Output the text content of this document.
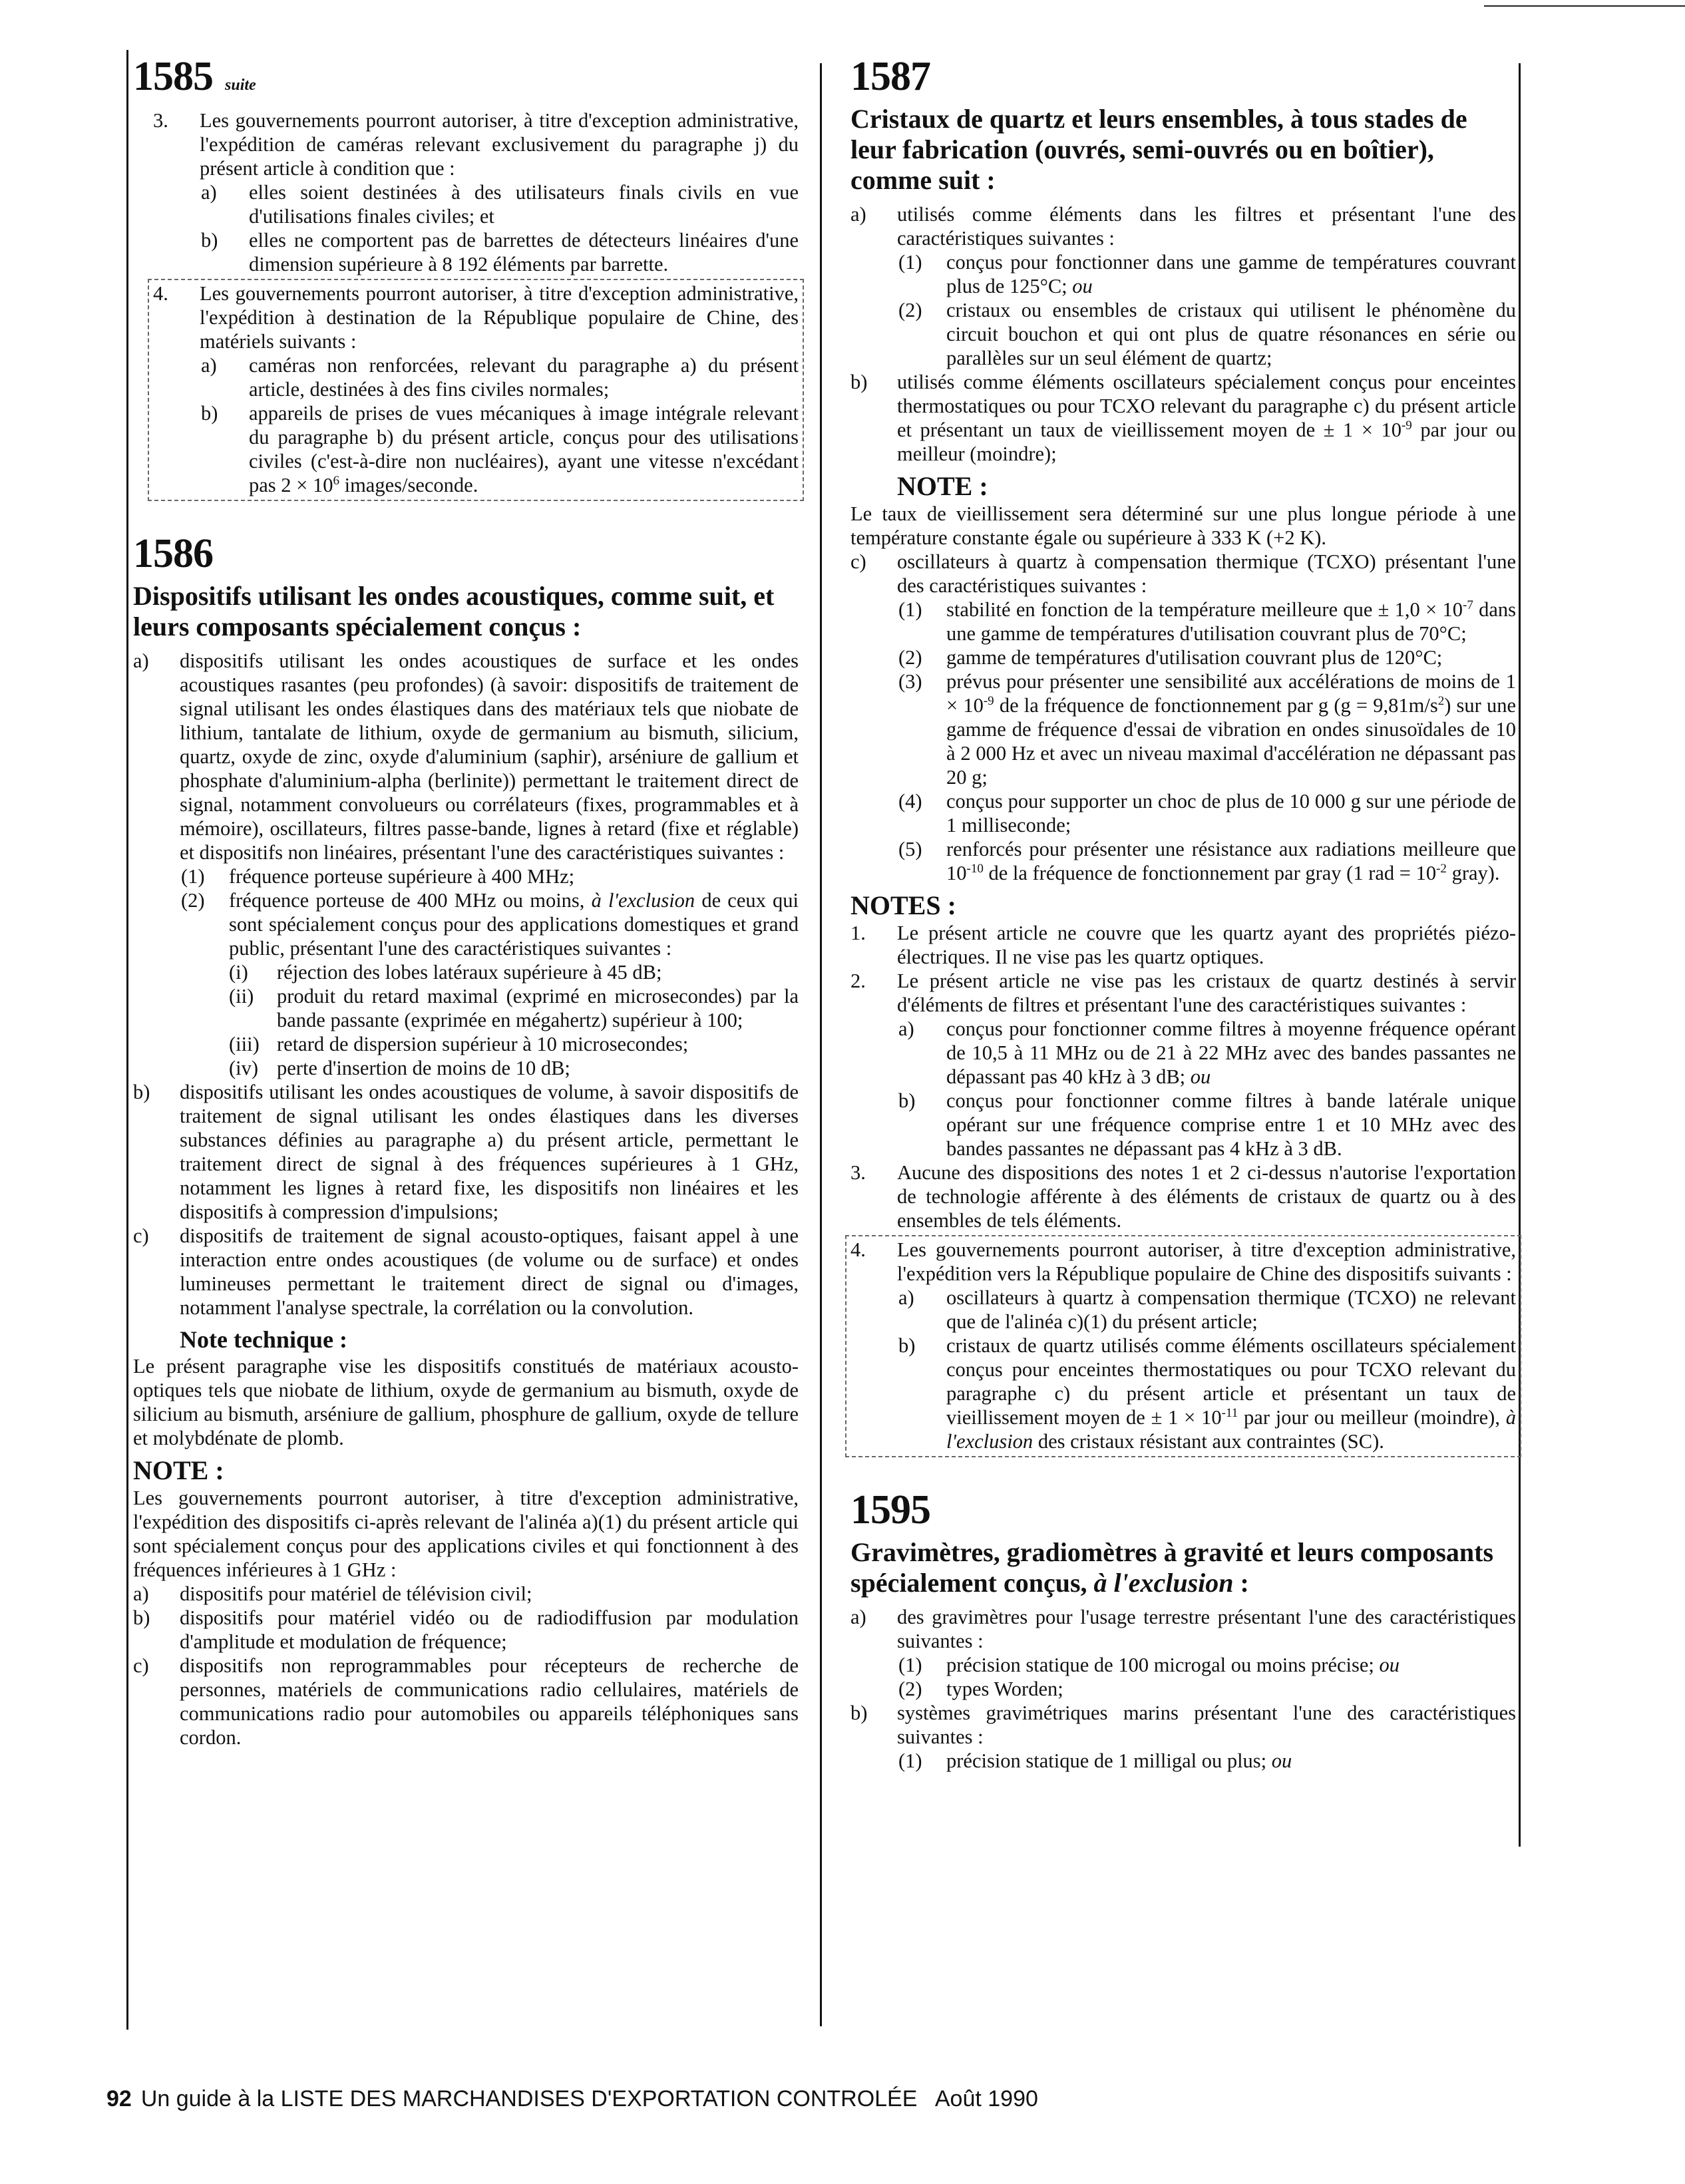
1585 suite
3.	Les gouvernements pourront autoriser, à titre d'exception administrative, l'expédition de caméras relevant exclusivement du paragraphe j) du présent article à condition que :
a)	elles soient destinées à des utilisateurs finals civils en vue d'utilisations finales civiles; et
b)	elles ne comportent pas de barrettes de détecteurs linéaires d'une dimension supérieure à 8 192 éléments par barrette.
4.	Les gouvernements pourront autoriser, à titre d'exception administrative, l'expédition à destination de la République populaire de Chine, des matériels suivants :
a)	caméras non renforcées, relevant du paragraphe a) du présent article, destinées à des fins civiles normales;
b)	appareils de prises de vues mécaniques à image intégrale relevant du paragraphe b) du présent article, conçus pour des utilisations civiles (c'est-à-dire non nucléaires), ayant une vitesse n'excédant pas $2 \times 10^6$ images/seconde.
1586
Dispositifs utilisant les ondes acoustiques, comme suit, et leurs composants spécialement conçus :
a)	dispositifs utilisant les ondes acoustiques de surface et les ondes acoustiques rasantes (peu profondes) (à savoir: dispositifs de traitement de signal utilisant les ondes élastiques dans des matériaux tels que niobate de lithium, tantalate de lithium, oxyde de germanium au bismuth, silicium, quartz, oxyde de zinc, oxyde d'aluminium (saphir), arséniure de gallium et phosphate d'aluminium-alpha (berlinite)) permettant le traitement direct de signal, notamment convolueurs ou corrélateurs (fixes, programmables et à mémoire), oscillateurs, filtres passe-bande, lignes à retard (fixe et réglable) et dispositifs non linéaires, présentant l'une des caractéristiques suivantes :
(1)	fréquence porteuse supérieure à 400 MHz;
(2)	fréquence porteuse de 400 MHz ou moins, à l'exclusion de ceux qui sont spécialement conçus pour des applications domestiques et grand public, présentant l'une des caractéristiques suivantes :
(i)	réjection des lobes latéraux supérieure à 45 dB;
(ii)	produit du retard maximal (exprimé en microsecondes) par la bande passante (exprimée en mégahertz) supérieur à 100;
(iii) retard de dispersion supérieur à 10 microsecondes;
(iv) perte d'insertion de moins de 10 dB;
b)	dispositifs utilisant les ondes acoustiques de volume, à savoir dispositifs de traitement de signal utilisant les ondes élastiques dans les diverses substances définies au paragraphe a) du présent article, permettant le traitement direct de signal à des fréquences supérieures à 1 GHz, notamment les lignes à retard fixe, les dispositifs non linéaires et les dispositifs à compression d'impulsions;
c)	dispositifs de traitement de signal acousto-optiques, faisant appel à une interaction entre ondes acoustiques (de volume ou de surface) et ondes lumineuses permettant le traitement direct de signal ou d'images, notamment l'analyse spectrale, la corrélation ou la convolution.
Note technique :

Le présent paragraphe vise les dispositifs constitués de matériaux acousto-optiques tels que niobate de lithium, oxyde de germanium au bismuth, oxyde de silicium au bismuth, arséniure de gallium, phosphure de gallium, oxyde de tellure et molybdénate de plomb.

NOTE :

Les gouvernements pourront autoriser, à titre d'exception administrative, l'expédition des dispositifs ci-après relevant de l'alinéa a)(1) du présent article qui sont spécialement conçus pour des applications civiles et qui fonctionnent à des fréquences inférieures à 1 GHz :

a)	dispositifs pour matériel de télévision civil;
b)	dispositifs pour matériel vidéo ou de radiodiffusion par modulation d'amplitude et modulation de fréquence;
c)	dispositifs non reprogrammables pour récepteurs de recherche de personnes, matériels de communications radio cellulaires, matériels de communications radio pour automobiles ou appareils téléphoniques sans cordon.
1587
Cristaux de quartz et leurs ensembles, à tous stades de leur fabrication (ouvrés, semi-ouvrés ou en boîtier), comme suit :
a)	utilisés comme éléments dans les filtres et présentant l'une des caractéristiques suivantes :
(1)	conçus pour fonctionner dans une gamme de températures couvrant plus de 125°C; ou
(2)	cristaux ou ensembles de cristaux qui utilisent le phénomène du circuit bouchon et qui ont plus de quatre résonances en série ou parallèles sur un seul élément de quartz;
b)	utilisés comme éléments oscillateurs spécialement conçus pour enceintes thermostatiques ou pour TCXO relevant du paragraphe c) du présent article et présentant un taux de vieillissement moyen de ± $1 \times 10^{-9}$ par jour ou meilleur (moindre);
NOTE :

Le taux de vieillissement sera déterminé sur une plus longue période à une température constante égale ou supérieure à 333 K (+2 K).

c)	oscillateurs à quartz à compensation thermique (TCXO) présentant l'une des caractéristiques suivantes :
(1)	stabilité en fonction de la température meilleure que ± $1,0 \times 10^{-7}$ dans une gamme de températures d'utilisation couvrant plus de 70°C;
(2)	gamme de températures d'utilisation couvrant plus de 120°C;
(3)	prévus pour présenter une sensibilité aux accélérations de moins de $1 \times 10^{-9}$ de la fréquence de fonctionnement par g $(g = 9,81m/s^2)$ sur une gamme de fréquence d'essai de vibration en ondes sinusoïdales de 10 à 2 000 Hz et avec un niveau maximal d'accélération ne dépassant pas 20 g;
(4)	conçus pour supporter un choc de plus de 10 000 g sur une période de 1 milliseconde;
(5)	renforcés pour présenter une résistance aux radiations meilleure que $10^{-10}$ de la fréquence de fonctionnement par gray (1 rad = $10^{-2}$ gray).
NOTES :
1.	Le présent article ne couvre que les quartz ayant des propriétés piézo-électriques. Il ne vise pas les quartz optiques.
2.	Le présent article ne vise pas les cristaux de quartz destinés à servir d'éléments de filtres et présentant l'une des caractéristiques suivantes :
a)	conçus pour fonctionner comme filtres à moyenne fréquence opérant de 10,5 à 11 MHz ou de 21 à 22 MHz avec des bandes passantes ne dépassant pas 40 kHz à 3 dB; ou
b)	conçus pour fonctionner comme filtres à bande latérale unique opérant sur une fréquence comprise entre 1 et 10 MHz avec des bandes passantes ne dépassant pas 4 kHz à 3 dB.
3.	Aucune des dispositions des notes 1 et 2 ci-dessus n'autorise l'exportation de technologie afférente à des éléments de cristaux de quartz ou à des ensembles de tels éléments.
4.	Les gouvernements pourront autoriser, à titre d'exception administrative, l'expédition vers la République populaire de Chine des dispositifs suivants :
a)	oscillateurs à quartz à compensation thermique (TCXO) ne relevant que de l'alinéa c)(1) du présent article;
b)	cristaux de quartz utilisés comme éléments oscillateurs spécialement conçus pour enceintes thermostatiques ou pour TCXO relevant du paragraphe c) du présent article et présentant un taux de vieillissement moyen de ± $1 \times 10^{-11}$ par jour ou meilleur (moindre), à l'exclusion des cristaux résistant aux contraintes (SC).
1595
Gravimètres, gradiomètres à gravité et leurs composants spécialement conçus, à l'exclusion :
a)	des gravimètres pour l'usage terrestre présentant l'une des caractéristiques suivantes :
(1)	précision statique de 100 microgal ou moins précise; ou
(2)	types Worden;
b)	systèmes gravimétriques marins présentant l'une des caractéristiques suivantes :
(1)	précision statique de 1 milligal ou plus; ou
92 Un guide à la LISTE DES MARCHANDISES D'EXPORTATION CONTROLÉE   Août 1990
